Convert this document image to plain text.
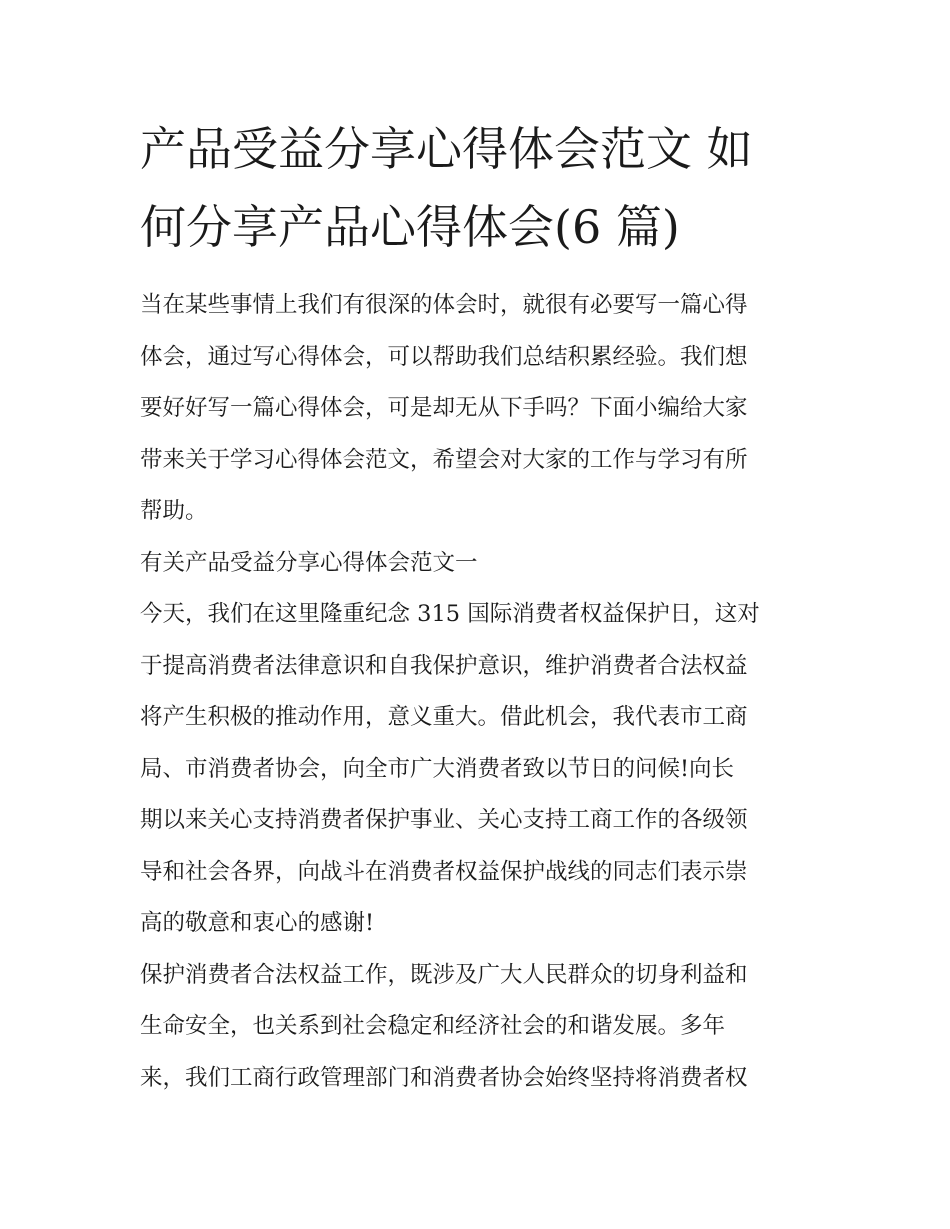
产品受益分享心得体会范文 如
何分享产品心得体会(6 篇)

当在某些事情上我们有很深的体会时，就很有必要写一篇心得
体会，通过写心得体会，可以帮助我们总结积累经验。我们想
要好好写一篇心得体会，可是却无从下手吗？下面小编给大家
带来关于学习心得体会范文，希望会对大家的工作与学习有所
帮助。

有关产品受益分享心得体会范文一

今天，我们在这里隆重纪念 315 国际消费者权益保护日，这对
于提高消费者法律意识和自我保护意识，维护消费者合法权益
将产生积极的推动作用，意义重大。借此机会，我代表市工商
局、市消费者协会，向全市广大消费者致以节日的问候!向长
期以来关心支持消费者保护事业、关心支持工商工作的各级领
导和社会各界，向战斗在消费者权益保护战线的同志们表示崇
高的敬意和衷心的感谢!

保护消费者合法权益工作，既涉及广大人民群众的切身利益和
生命安全，也关系到社会稳定和经济社会的和谐发展。多年
来，我们工商行政管理部门和消费者协会始终坚持将消费者权
